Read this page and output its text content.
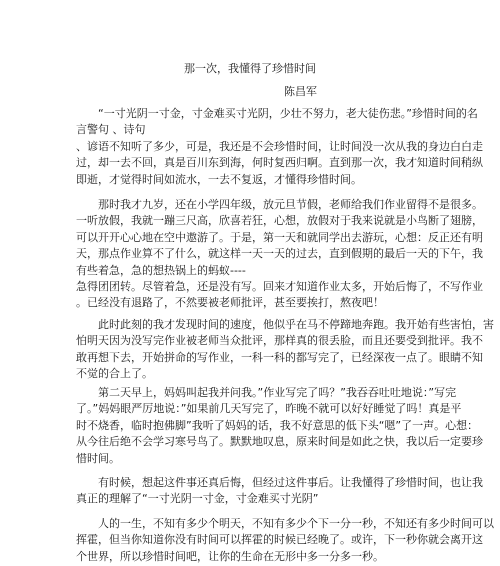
那一次，我懂得了珍惜时间
陈昌军

“一寸光阴一寸金，寸金难买寸光阴，少壮不努力，老大徒伤悲。”珍惜时间的名
言警句 、诗句
、谚语不知听了多少，可是，我还是不会珍惜时间，让时间没一次从我的身边白白走
过，却一去不回，真是百川东到海，何时复西归啊。直到那一次，我才知道时间稍纵
即逝，才觉得时间如流水，一去不复返，才懂得珍惜时间。

那时我才九岁，还在小学四年级，放元旦节假，老师给我们作业留得不是很多。
一听放假，我就一蹦三尺高，欣喜若狂，心想，放假对于我来说就是小鸟断了翅膀，
可以开开心心地在空中遨游了。于是，第一天和就同学出去游玩，心想：反正还有明
天，那点作业算不了什么，就这样一天一天的过去，直到假期的最后一天的下午，我
有些着急，急的想热锅上的蚂蚁----
急得团团转。尽管着急，还是没有写。回来才知道作业太多，开始后悔了，不写作业
。已经没有退路了，不然要被老师批评，甚至要挨打，熬夜吧！

此时此刻的我才发现时间的速度，他似乎在马不停蹄地奔跑。我开始有些害怕，害
怕明天因为没写完作业被老师当众批评，那样真的很丢脸，而且还要受到批评。我不
敢再想下去，开始拼命的写作业，一科一科的都写完了，已经深夜一点了。眼睛不知
不觉的合上了。

第二天早上，妈妈叫起我并问我。”作业写完了吗？”我吞吞吐吐地说：”写完
了。”妈妈眼严厉地说：”如果前几天写完了，昨晚不就可以好好睡觉了吗！真是平
时不烧香，临时抱佛脚”我听了妈妈的话，我不好意思的低下头“嗯”了一声。心想：
从今往后绝不会学习寒号鸟了。默默地叹息，原来时间是如此之快，我以后一定要珍
惜时间。

有时候，想起这件事还真后悔，但经过这件事后。让我懂得了珍惜时间，也让我
真正的理解了“一寸光阴一寸金，寸金难买寸光阴”

人的一生，不知有多少个明天，不知有多少个下一分一秒，不知还有多少时间可以
挥霍，但当你知道你没有时间可以挥霍的时候已经晚了。或许，下一秒你就会离开这
个世界，所以珍惜时间吧，让你的生命在无形中多一分多一秒。
